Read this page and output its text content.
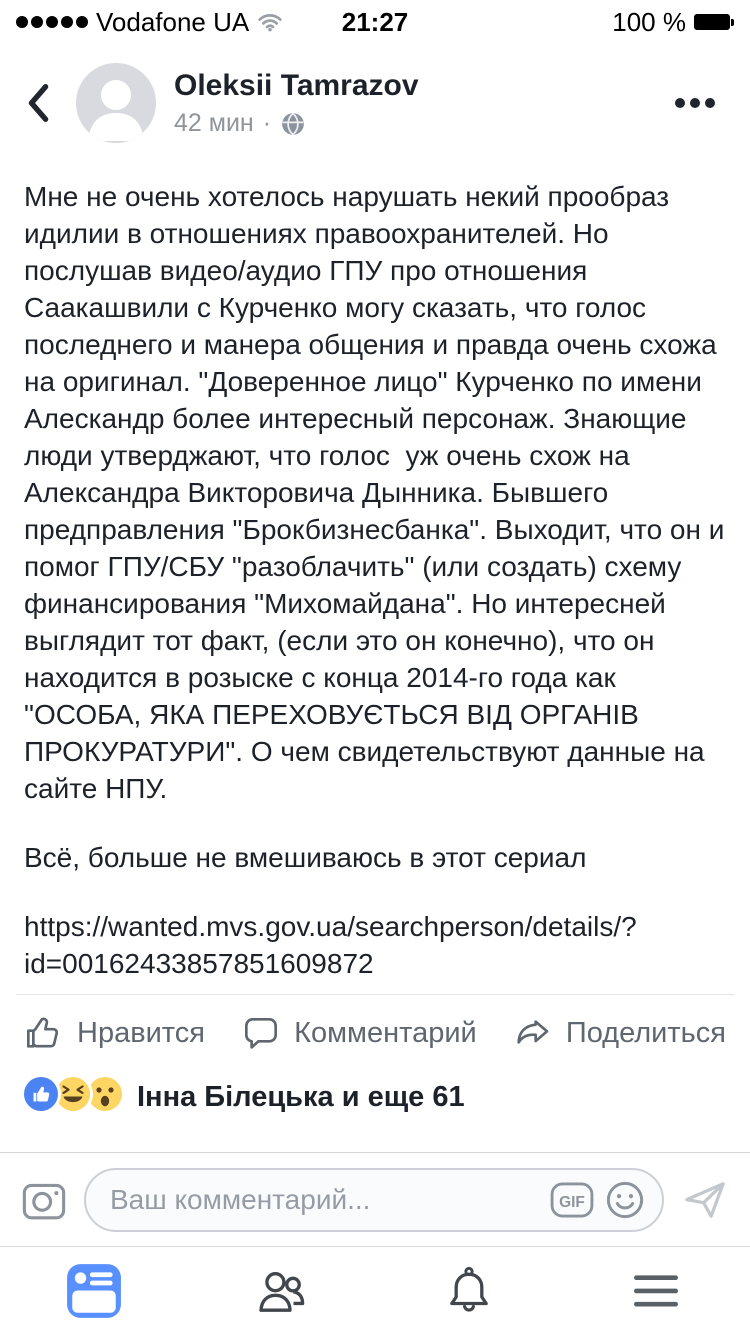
Vodafone UA	21:27	100 %
Oleksii Tamrazov
42 мин ·

Мне не очень хотелось нарушать некий прообраз идилии в отношениях правоохранителей. Но послушав видео/аудио ГПУ про отношения Саакашвили с Курченко могу сказать, что голос последнего и манера общения и правда очень схожа на оригинал. "Доверенное лицо" Курченко по имени Алескандр более интересный персонаж. Знающие люди утверджают, что голос  уж очень схож на Александра Викторовича Дынника. Бывшего предправления "Брокбизнесбанка". Выходит, что он и помог ГПУ/СБУ "разоблачить" (или создать) схему финансирования "Михомайдана". Но интересней выглядит тот факт, (если это он конечно), что он находится в розыске с конца 2014-го года как "ОСОБА, ЯКА ПЕРЕХОВУЄТЬСЯ ВІД ОРГАНІВ ПРОКУРАТУРИ". О чем свидетельствуют данные на сайте НПУ.

Всё, больше не вмешиваюсь в этот сериал

https://wanted.mvs.gov.ua/searchperson/details/?id=00162433857851609872

Нравится	Комментарий	Поделиться
Інна Білецька и еще 61
Ваш комментарий...
GIF
